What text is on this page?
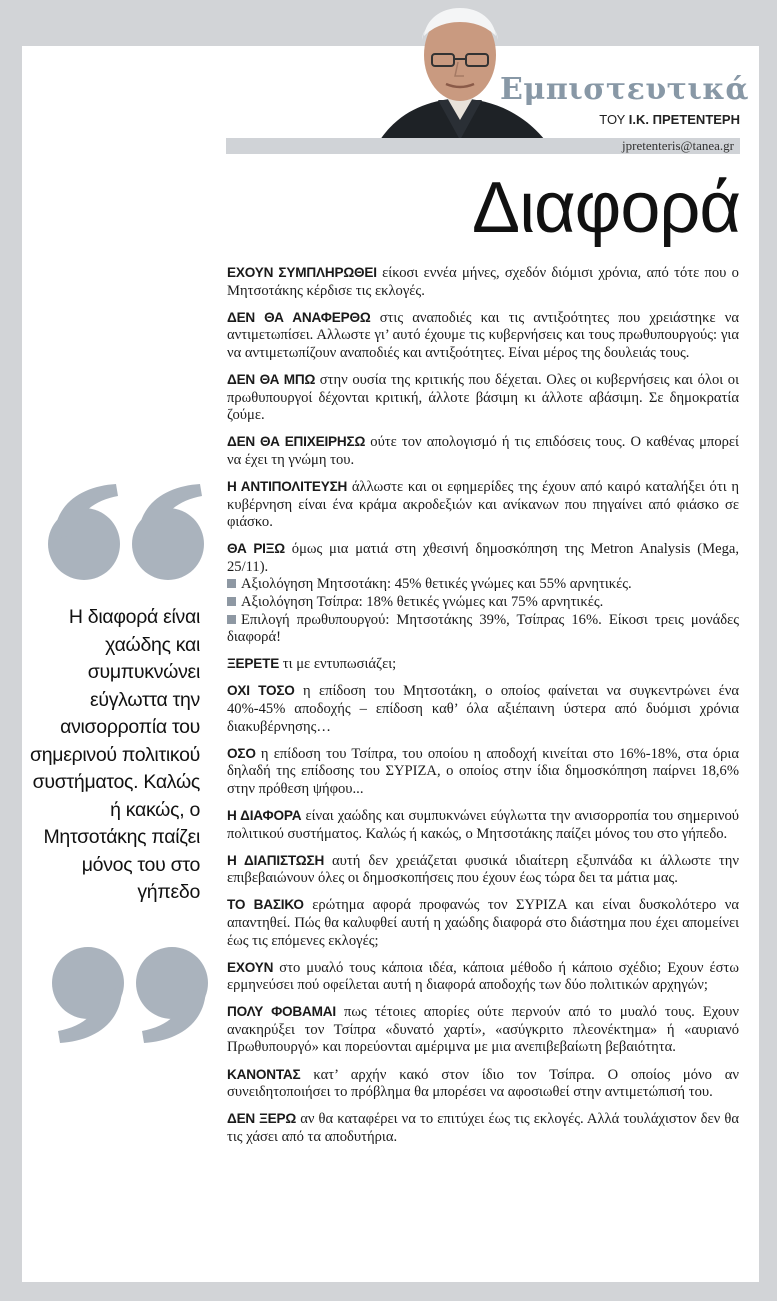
Εμπιστευτικά
ΤΟΥ Ι.Κ. ΠΡΕΤΕΝΤΕΡΗ
jpretenteris@tanea.gr
Διαφορά
Η διαφορά είναι χαώδης και συμπυκνώνει εύγλωττα την ανισορροπία του σημερινού πολιτικού συστήματος. Καλώς ή κακώς, ο Μητσοτάκης παίζει μόνος του στο γήπεδο

ΕΧΟΥΝ ΣΥΜΠΛΗΡΩΘΕΙ είκοσι εννέα μήνες, σχεδόν διόμισι χρόνια, από τότε που ο Μητσοτάκης κέρδισε τις εκλογές.

ΔΕΝ ΘΑ ΑΝΑΦΕΡΘΩ στις αναποδιές και τις αντιξοότητες που χρειάστηκε να αντιμετωπίσει. Αλλωστε γι’ αυτό έχουμε τις κυβερνήσεις και τους πρωθυπουργούς: για να αντιμετωπίζουν αναποδιές και αντιξοότητες. Είναι μέρος της δουλειάς τους.

ΔΕΝ ΘΑ ΜΠΩ στην ουσία της κριτικής που δέχεται. Ολες οι κυβερνήσεις και όλοι οι πρωθυπουργοί δέχονται κριτική, άλλοτε βάσιμη κι άλλοτε αβάσιμη. Σε δημοκρατία ζούμε.

ΔΕΝ ΘΑ ΕΠΙΧΕΙΡΗΣΩ ούτε τον απολογισμό ή τις επιδόσεις τους. Ο καθένας μπορεί να έχει τη γνώμη του.

Η ΑΝΤΙΠΟΛΙΤΕΥΣΗ άλλωστε και οι εφημερίδες της έχουν από καιρό καταλήξει ότι η κυβέρνηση είναι ένα κράμα ακροδεξιών και ανίκανων που πηγαίνει από φιάσκο σε φιάσκο.

ΘΑ ΡΙΞΩ όμως μια ματιά στη χθεσινή δημοσκόπηση της Metron Analysis (Mega, 25/11).
Αξιολόγηση Μητσοτάκη: 45% θετικές γνώμες και 55% αρνητικές.
Αξιολόγηση Τσίπρα: 18% θετικές γνώμες και 75% αρνητικές.
Επιλογή πρωθυπουργού: Μητσοτάκης 39%, Τσίπρας 16%. Είκοσι τρεις μονάδες διαφορά!

ΞΕΡΕΤΕ τι με εντυπωσιάζει;

ΟΧΙ ΤΟΣΟ η επίδοση του Μητσοτάκη, ο οποίος φαίνεται να συγκεντρώνει ένα 40%-45% αποδοχής – επίδοση καθ’ όλα αξιέπαινη ύστερα από δυόμισι χρόνια διακυβέρνησης…

ΟΣΟ η επίδοση του Τσίπρα, του οποίου η αποδοχή κινείται στο 16%-18%, στα όρια δηλαδή της επίδοσης του ΣΥΡΙΖΑ, ο οποίος στην ίδια δημοσκόπηση παίρνει 18,6% στην πρόθεση ψήφου...

Η ΔΙΑΦΟΡΑ είναι χαώδης και συμπυκνώνει εύγλωττα την ανισορροπία του σημερινού πολιτικού συστήματος. Καλώς ή κακώς, ο Μητσοτάκης παίζει μόνος του στο γήπεδο.

Η ΔΙΑΠΙΣΤΩΣΗ αυτή δεν χρειάζεται φυσικά ιδιαίτερη εξυπνάδα κι άλλωστε την επιβεβαιώνουν όλες οι δημοσκοπήσεις που έχουν έως τώρα δει τα μάτια μας.

ΤΟ ΒΑΣΙΚΟ ερώτημα αφορά προφανώς τον ΣΥΡΙΖΑ και είναι δυσκολότερο να απαντηθεί. Πώς θα καλυφθεί αυτή η χαώδης διαφορά στο διάστημα που έχει απομείνει έως τις επόμενες εκλογές;

ΕΧΟΥΝ στο μυαλό τους κάποια ιδέα, κάποια μέθοδο ή κάποιο σχέδιο; Εχουν έστω ερμηνεύσει πού οφείλεται αυτή η διαφορά αποδοχής των δύο πολιτικών αρχηγών;

ΠΟΛΥ ΦΟΒΑΜΑΙ πως τέτοιες απορίες ούτε περνούν από το μυαλό τους. Εχουν ανακηρύξει τον Τσίπρα «δυνατό χαρτί», «ασύγκριτο πλεονέκτημα» ή «αυριανό Πρωθυπουργό» και πορεύονται αμέριμνα με μια ανεπιβεβαίωτη βεβαιότητα.

ΚΑΝΟΝΤΑΣ κατ’ αρχήν κακό στον ίδιο τον Τσίπρα. Ο οποίος μόνο αν συνειδητοποιήσει το πρόβλημα θα μπορέσει να αφοσιωθεί στην αντιμετώπισή του.

ΔΕΝ ΞΕΡΩ αν θα καταφέρει να το επιτύχει έως τις εκλογές. Αλλά τουλάχιστον δεν θα τις χάσει από τα αποδυτήρια.
